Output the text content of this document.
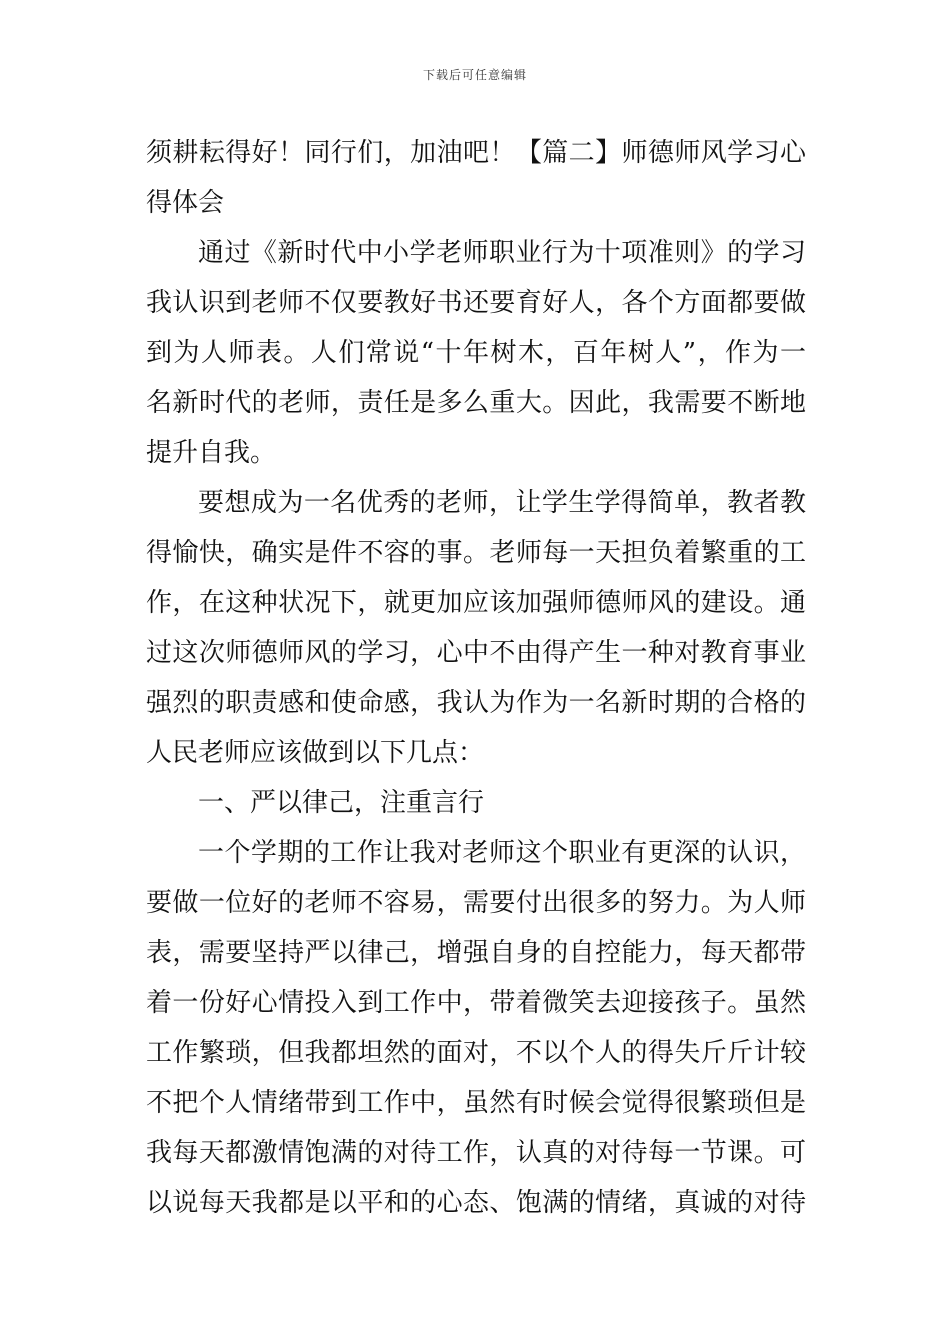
下载后可任意编辑
须耕耘得好！同行们，加油吧！【篇二】师德师风学习心
得体会
通过《新时代中小学老师职业行为十项准则》的学习
我认识到老师不仅要教好书还要育好人，各个方面都要做
到为人师表。人们常说“十年树木，百年树人”，作为一
名新时代的老师，责任是多么重大。因此，我需要不断地
提升自我。
要想成为一名优秀的老师，让学生学得简单，教者教
得愉快，确实是件不容的事。老师每一天担负着繁重的工
作，在这种状况下，就更加应该加强师德师风的建设。通
过这次师德师风的学习，心中不由得产生一种对教育事业
强烈的职责感和使命感，我认为作为一名新时期的合格的
人民老师应该做到以下几点：
一、严以律己，注重言行
一个学期的工作让我对老师这个职业有更深的认识，
要做一位好的老师不容易，需要付出很多的努力。为人师
表，需要坚持严以律己，增强自身的自控能力，每天都带
着一份好心情投入到工作中，带着微笑去迎接孩子。虽然
工作繁琐，但我都坦然的面对，不以个人的得失斤斤计较
不把个人情绪带到工作中，虽然有时候会觉得很繁琐但是
我每天都激情饱满的对待工作，认真的对待每一节课。可
以说每天我都是以平和的心态、饱满的情绪，真诚的对待
